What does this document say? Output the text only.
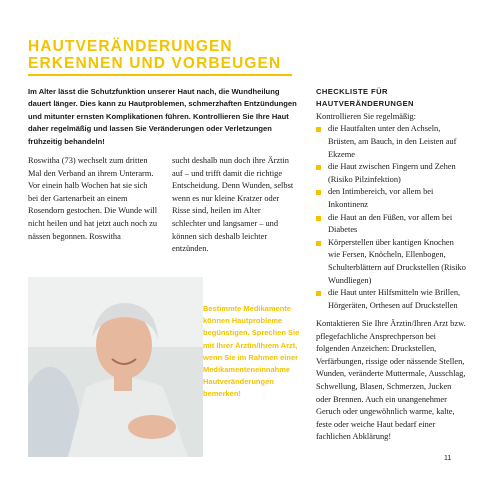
HAUTVERÄNDERUNGEN
ERKENNEN UND VORBEUGEN

Im Alter lässt die Schutzfunktion unserer Haut nach, die Wundheilung dauert länger. Dies kann zu Hautproblemen, schmerzhaften Entzündungen und mitunter ernsten Komplikationen führen. Kontrollieren Sie Ihre Haut daher regelmäßig und lassen Sie Veränderungen oder Verletzungen frühzeitig behandeln!

Roswitha (73) wechselt zum dritten Mal den Verband an ihrem Unterarm. Vor einein halb Wochen hat sie sich bei der Gartenarbeit an einem Rosendorn gestochen. Die Wunde will nicht heilen und hat jetzt auch noch zu nässen begonnen. Roswitha

sucht deshalb nun doch ihre Ärztin auf – und trifft damit die richtige Entscheidung. Denn Wunden, selbst wenn es nur kleine Kratzer oder Risse sind, heilen im Alter schlechter und langsamer – und können sich deshalb leichter entzünden.

Bestimmte Medikamente können Hautprobleme begünstigen. Sprechen Sie mit Ihrer Ärztin/Ihrem Arzt, wenn Sie im Rahmen einer Medikamenteneinnahme Hautveränderungen bemerken!

CHECKLISTE FÜR

HAUTVERÄNDERUNGEN

Kontrollieren Sie regelmäßig:

die Hautfalten unter den Achseln, Brüsten, am Bauch, in den Leisten auf Ekzeme
die Haut zwischen Fingern und Zehen (Risiko Pilzinfektion)
den Intimbereich, vor allem bei Inkontinenz
die Haut an den Füßen, vor allem bei Diabetes
Körperstellen über kantigen Knochen wie Fersen, Knöcheln, Ellenbogen, Schulterblättern auf Druckstellen (Risiko Wundliegen)
die Haut unter Hilfsmitteln wie Brillen, Hörgeräten, Orthesen auf Druckstellen

Kontaktieren Sie Ihre Ärztin/Ihren Arzt bzw. pflegefachliche Ansprechperson bei folgenden Anzeichen: Druckstellen, Verfärbungen, rissige oder nässende Stellen, Wunden, veränderte Muttermale, Ausschlag, Schwellung, Blasen, Schmerzen, Jucken oder Brennen. Auch ein unangenehmer Geruch oder ungewöhnlich warme, kalte, feste oder weiche Haut bedarf einer fachlichen Abklärung!

11
